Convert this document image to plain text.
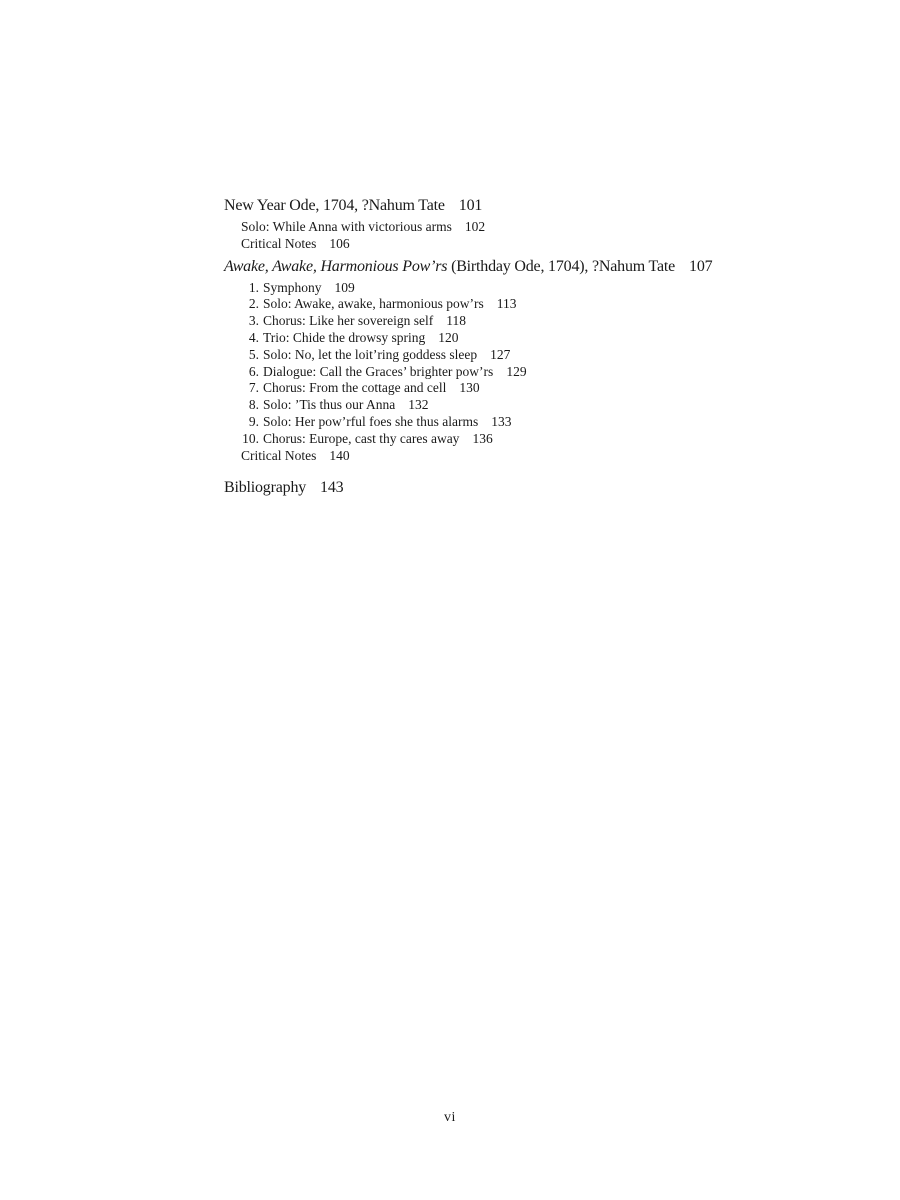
New Year Ode, 1704, ?Nahum Tate 101
Solo: While Anna with victorious arms 102
Critical Notes 106
Awake, Awake, Harmonious Pow’rs (Birthday Ode, 1704), ?Nahum Tate 107
1. Symphony 109
2. Solo: Awake, awake, harmonious pow’rs 113
3. Chorus: Like her sovereign self 118
4. Trio: Chide the drowsy spring 120
5. Solo: No, let the loit’ring goddess sleep 127
6. Dialogue: Call the Graces’ brighter pow’rs 129
7. Chorus: From the cottage and cell 130
8. Solo: ’Tis thus our Anna 132
9. Solo: Her pow’rful foes she thus alarms 133
10. Chorus: Europe, cast thy cares away 136
Critical Notes 140
Bibliography 143
vi
